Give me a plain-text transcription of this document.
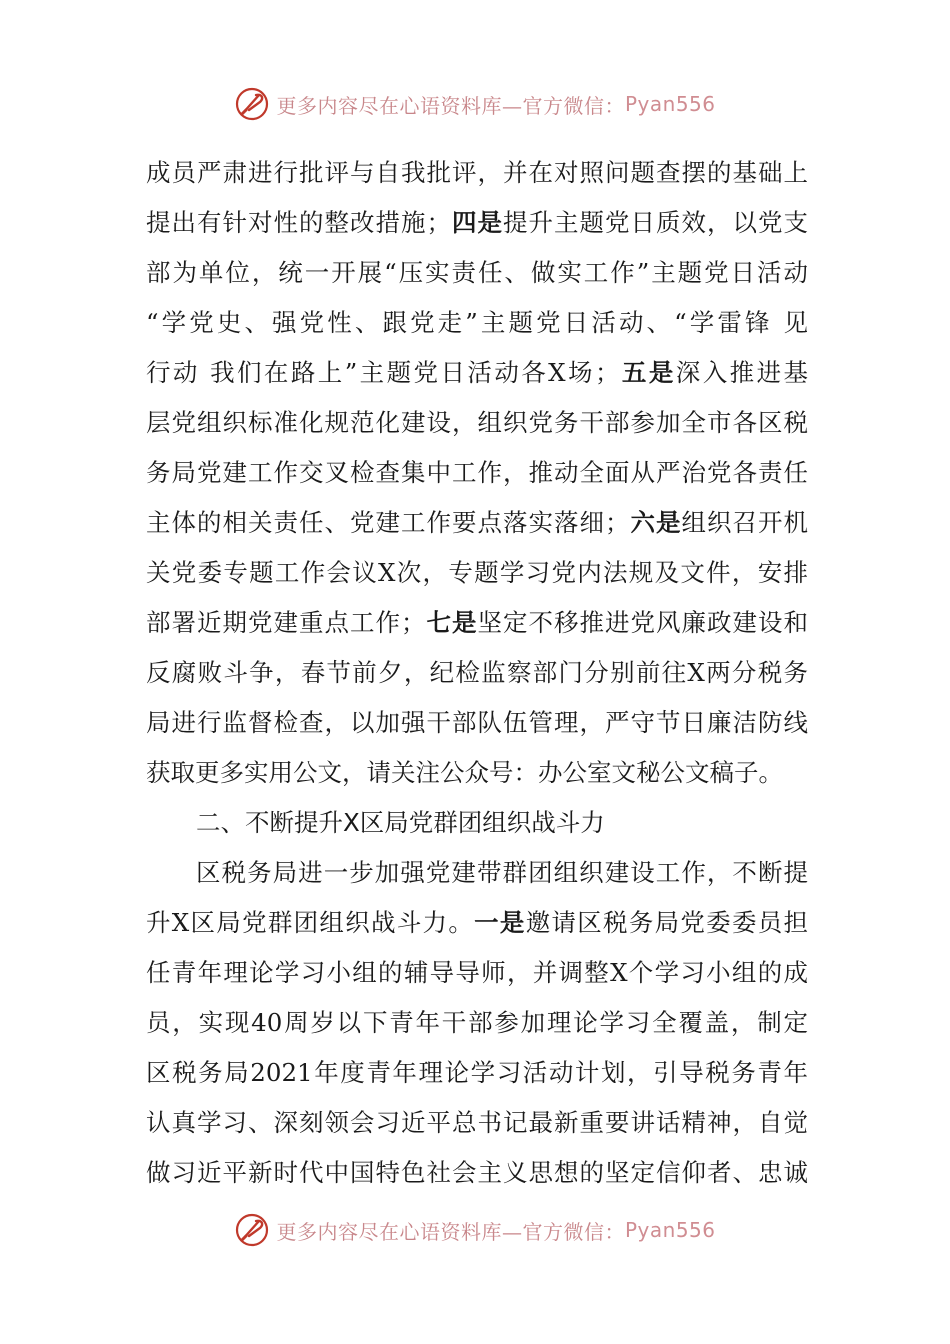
更多内容尽在心语资料库—官方微信： Pyan556
成员严肃进行批评与自我批评，并在对照问题查摆的基础上
提出有针对性的整改措施；四是提升主题党日质效，以党支
部为单位，统一开展“压实责任、做实工作”主题党日活动
“学党史、强党性、跟党走”主题党日活动、“学雷锋 见
行动 我们在路上”主题党日活动各X场；五是深入推进基
层党组织标准化规范化建设，组织党务干部参加全市各区税
务局党建工作交叉检查集中工作，推动全面从严治党各责任
主体的相关责任、党建工作要点落实落细；六是组织召开机
关党委专题工作会议X次，专题学习党内法规及文件，安排
部署近期党建重点工作；七是坚定不移推进党风廉政建设和
反腐败斗争，春节前夕，纪检监察部门分别前往X两分税务
局进行监督检查，以加强干部队伍管理，严守节日廉洁防线
获取更多实用公文，请关注公众号：办公室文秘公文稿子。
二、不断提升X区局党群团组织战斗力
区税务局进一步加强党建带群团组织建设工作，不断提
升X区局党群团组织战斗力。一是邀请区税务局党委委员担
任青年理论学习小组的辅导导师，并调整X个学习小组的成
员，实现40周岁以下青年干部参加理论学习全覆盖，制定
区税务局2021年度青年理论学习活动计划，引导税务青年
认真学习、深刻领会习近平总书记最新重要讲话精神，自觉
做习近平新时代中国特色社会主义思想的坚定信仰者、忠诚
更多内容尽在心语资料库—官方微信： Pyan556
